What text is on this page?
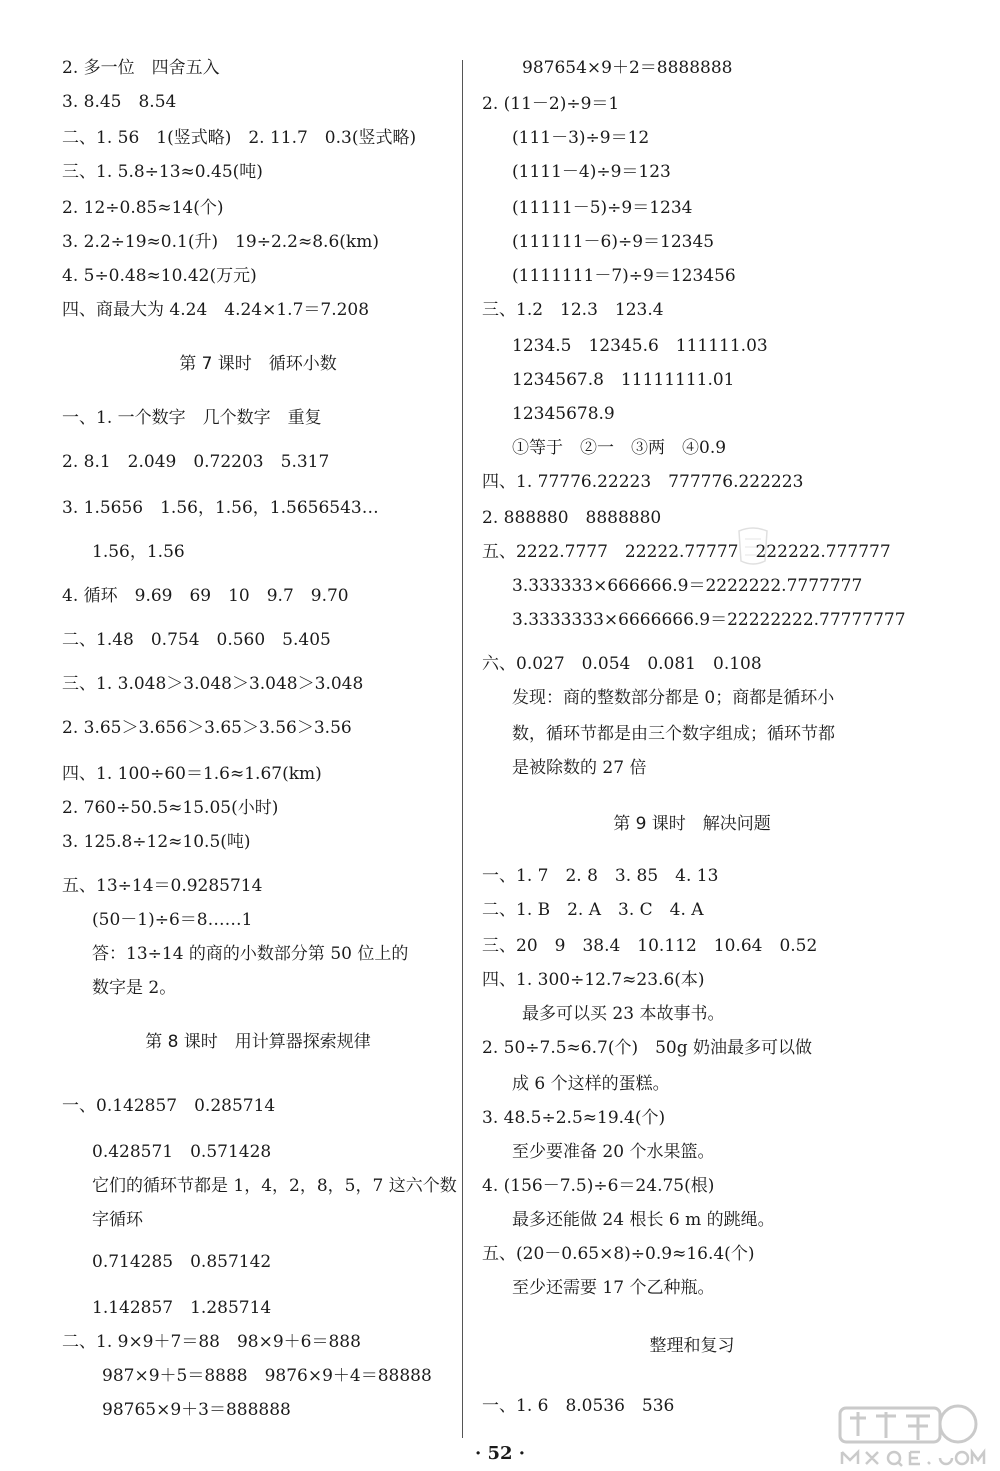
2. 多一位　四舍五入
3. 8.45　8.54
二、1. 56　1(竖式略)　2. 11.7　0.3(竖式略)
三、1. 5.8÷13≈0.45(吨)
2. 12÷0.85≈14(个)
3. 2.2÷19≈0.1(升)　19÷2.2≈8.6(km)
4. 5÷0.48≈10.42(万元)
四、商最大为 4.24　4.24×1.7＝7.208
第 7 课时　循环小数
一、1. 一个数字　几个数字　重复
2. 8.1　2.049　0.72203　5.317
3. 1.5656　1.56，1.56，1.5656543…
1.56，1.56
4. 循环　9.69　69　10　9.7　9.70
二、1.48　0.754　0.560　5.405
三、1. 3.048＞3.048＞3.048＞3.048
2. 3.65＞3.656＞3.65＞3.56＞3.56
四、1. 100÷60＝1.6≈1.67(km)
2. 760÷50.5≈15.05(小时)
3. 125.8÷12≈10.5(吨)
五、13÷14＝0.9285714
(50－1)÷6＝8……1
答：13÷14 的商的小数部分第 50 位上的
数字是 2。
第 8 课时　用计算器探索规律
一、0.142857　0.285714
0.428571　0.571428
它们的循环节都是 1，4，2，8，5，7 这六个数
字循环
0.714285　0.857142
1.142857　1.285714
二、1. 9×9＋7＝88　98×9＋6＝888
987×9＋5＝8888　9876×9＋4＝88888
98765×9＋3＝888888
987654×9＋2＝8888888
2. (11－2)÷9＝1
(111－3)÷9＝12
(1111－4)÷9＝123
(11111－5)÷9＝1234
(111111－6)÷9＝12345
(1111111－7)÷9＝123456
三、1.2　12.3　123.4
1234.5　12345.6　111111.03
1234567.8　11111111.01
12345678.9
①等于　②一　③两　④0.9
四、1. 77776.22223　777776.222223
2. 888880　8888880
五、2222.7777　22222.77777　222222.777777
3.333333×666666.9＝2222222.7777777
3.3333333×6666666.9＝22222222.77777777
六、0.027　0.054　0.081　0.108
发现：商的整数部分都是 0；商都是循环小
数，循环节都是由三个数字组成；循环节都
是被除数的 27 倍
第 9 课时　解决问题
一、1. 7　2. 8　3. 85　4. 13
二、1. B　2. A　3. C　4. A
三、20　9　38.4　10.112　10.64　0.52
四、1. 300÷12.7≈23.6(本)
最多可以买 23 本故事书。
2. 50÷7.5≈6.7(个)　50g 奶油最多可以做
成 6 个这样的蛋糕。
3. 48.5÷2.5≈19.4(个)
至少要准备 20 个水果篮。
4. (156－7.5)÷6＝24.75(根)
最多还能做 24 根长 6 m 的跳绳。
五、(20－0.65×8)÷0.9≈16.4(个)
至少还需要 17 个乙种瓶。
整理和复习
一、1. 6　8.0536　536
· 52 ·
